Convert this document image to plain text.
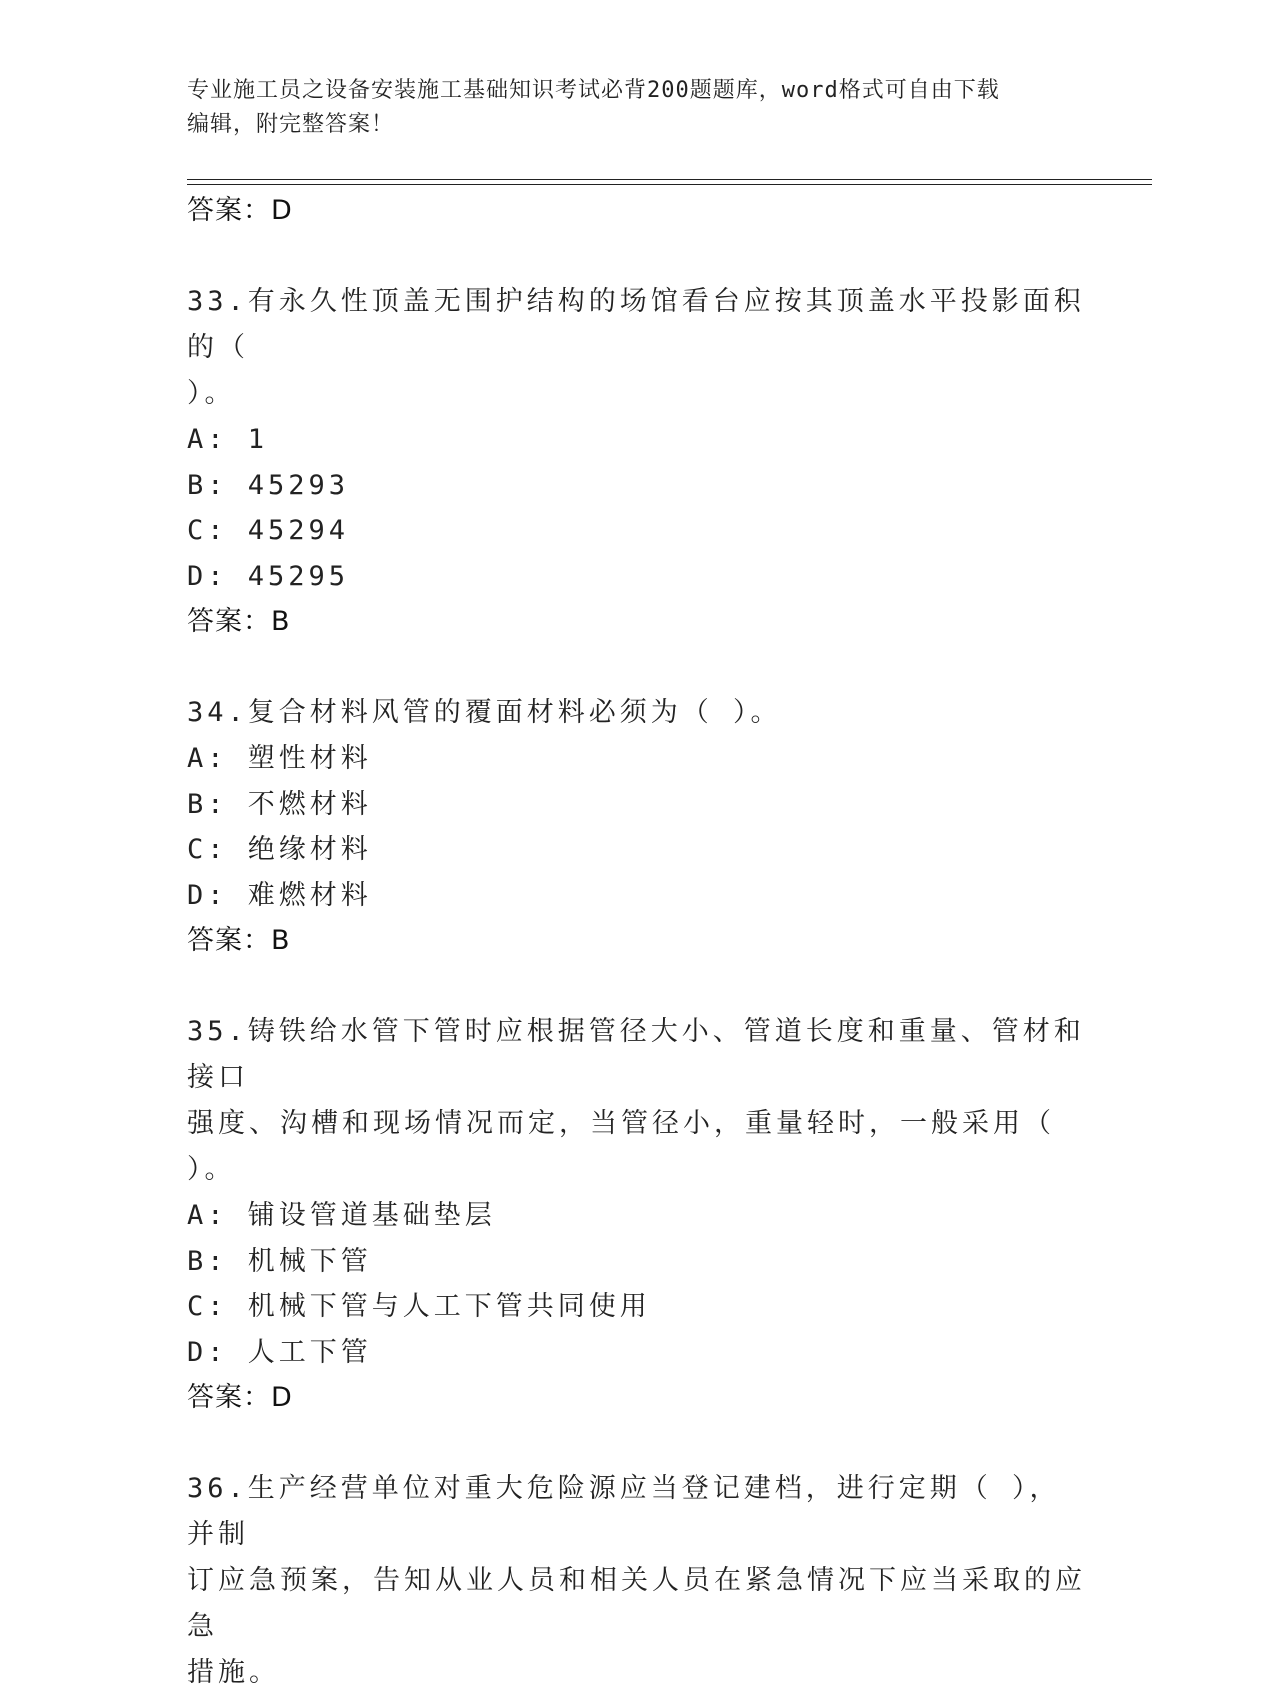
专业施工员之设备安装施工基础知识考试必背200题题库，word格式可自由下载
编辑，附完整答案！
答案：D
33.有永久性顶盖无围护结构的场馆看台应按其顶盖水平投影面积的（
）。
A: 1
B: 45293
C: 45294
D: 45295
答案：B
34.复合材料风管的覆面材料必须为（ ）。
A: 塑性材料
B: 不燃材料
C: 绝缘材料
D: 难燃材料
答案：B
35.铸铁给水管下管时应根据管径大小、管道长度和重量、管材和接口
强度、沟槽和现场情况而定，当管径小，重量轻时，一般采用（ ）。
A: 铺设管道基础垫层
B: 机械下管
C: 机械下管与人工下管共同使用
D: 人工下管
答案：D
36.生产经营单位对重大危险源应当登记建档，进行定期（ ），并制
订应急预案，告知从业人员和相关人员在紧急情况下应当采取的应急
措施。
